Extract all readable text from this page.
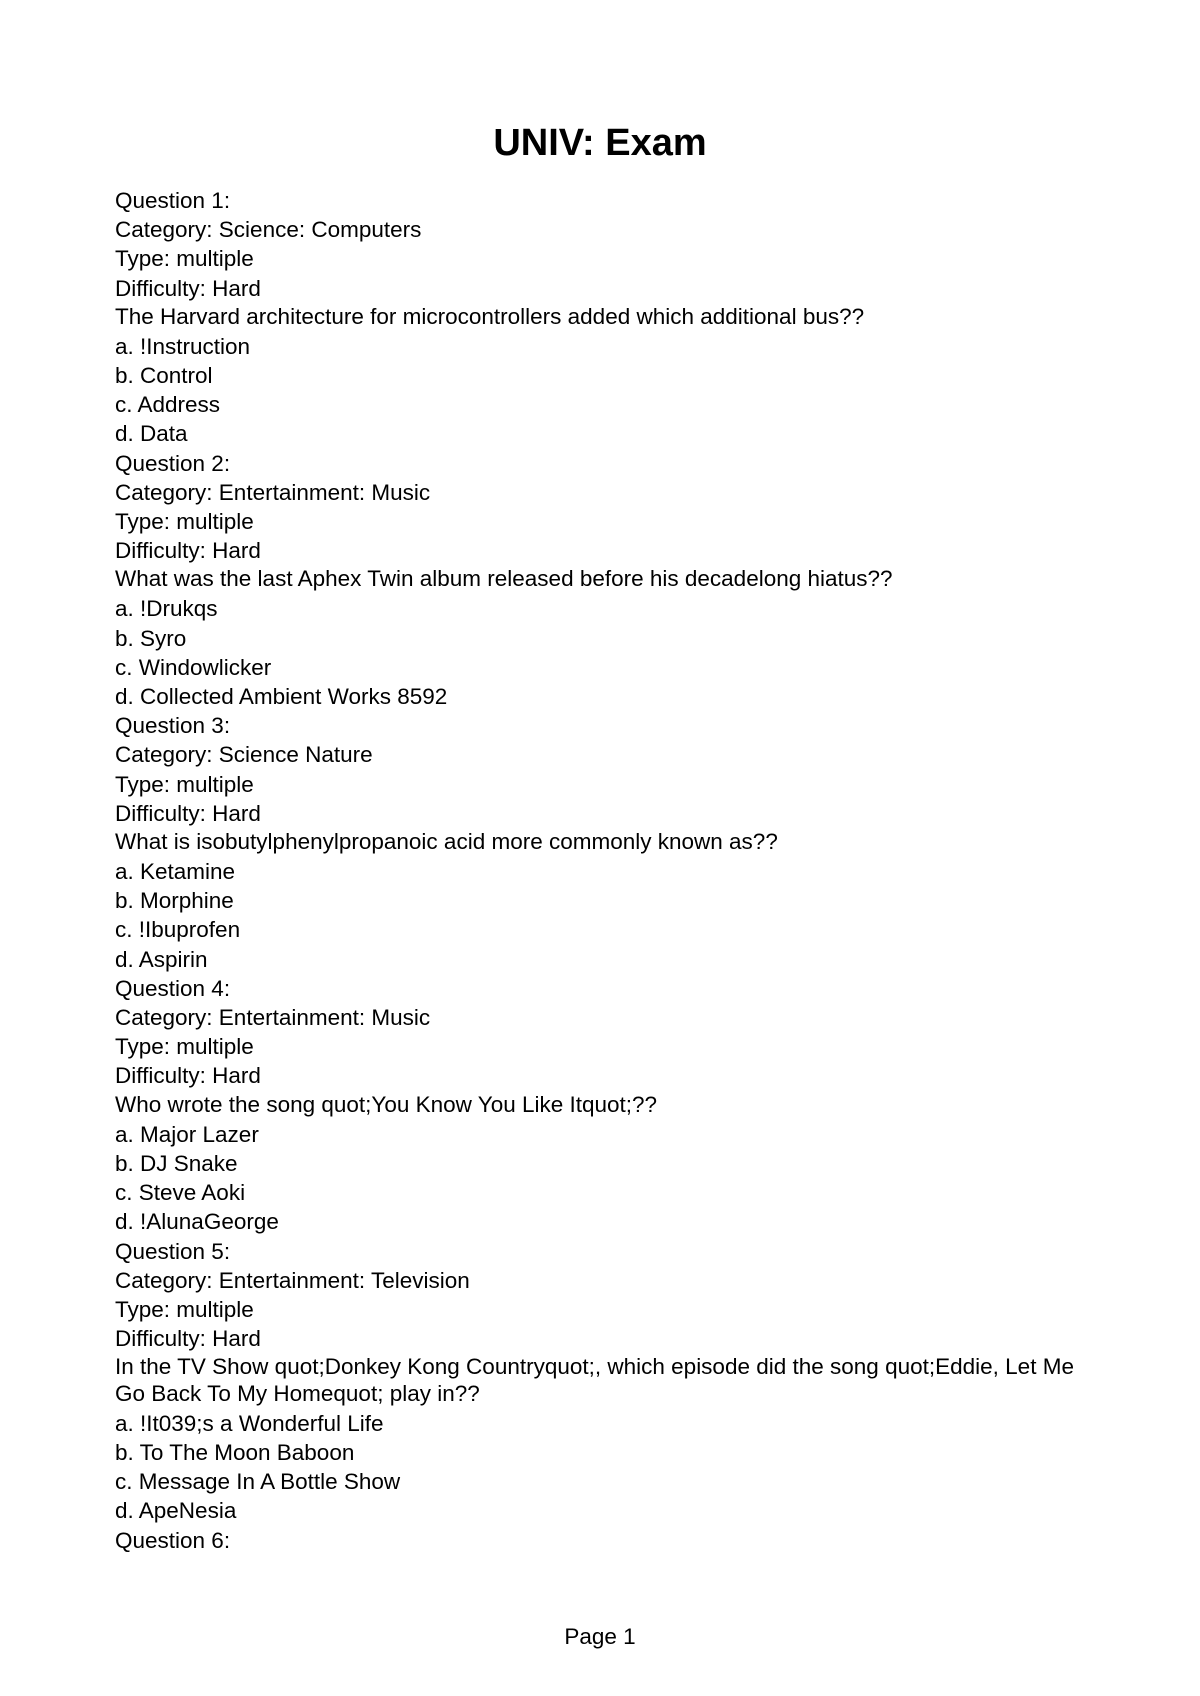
UNIV: Exam
Question 1:
Category: Science: Computers
Type: multiple
Difficulty: Hard
The Harvard architecture for microcontrollers added which additional bus??
a. !Instruction
b. Control
c. Address
d. Data
Question 2:
Category: Entertainment: Music
Type: multiple
Difficulty: Hard
What was the last Aphex Twin album released before his decadelong hiatus??
a. !Drukqs
b. Syro
c. Windowlicker
d. Collected Ambient Works 8592
Question 3:
Category: Science Nature
Type: multiple
Difficulty: Hard
What is isobutylphenylpropanoic acid more commonly known as??
a. Ketamine
b. Morphine
c. !Ibuprofen
d. Aspirin
Question 4:
Category: Entertainment: Music
Type: multiple
Difficulty: Hard
Who wrote the song quot;You Know You Like Itquot;??
a. Major Lazer
b. DJ Snake
c. Steve Aoki
d. !AlunaGeorge
Question 5:
Category: Entertainment: Television
Type: multiple
Difficulty: Hard
In the TV Show quot;Donkey Kong Countryquot;, which episode did the song quot;Eddie, Let Me Go Back To My Homequot; play in??
a. !It039;s a Wonderful Life
b. To The Moon Baboon
c. Message In A Bottle Show
d. ApeNesia
Question 6:
Page 1
